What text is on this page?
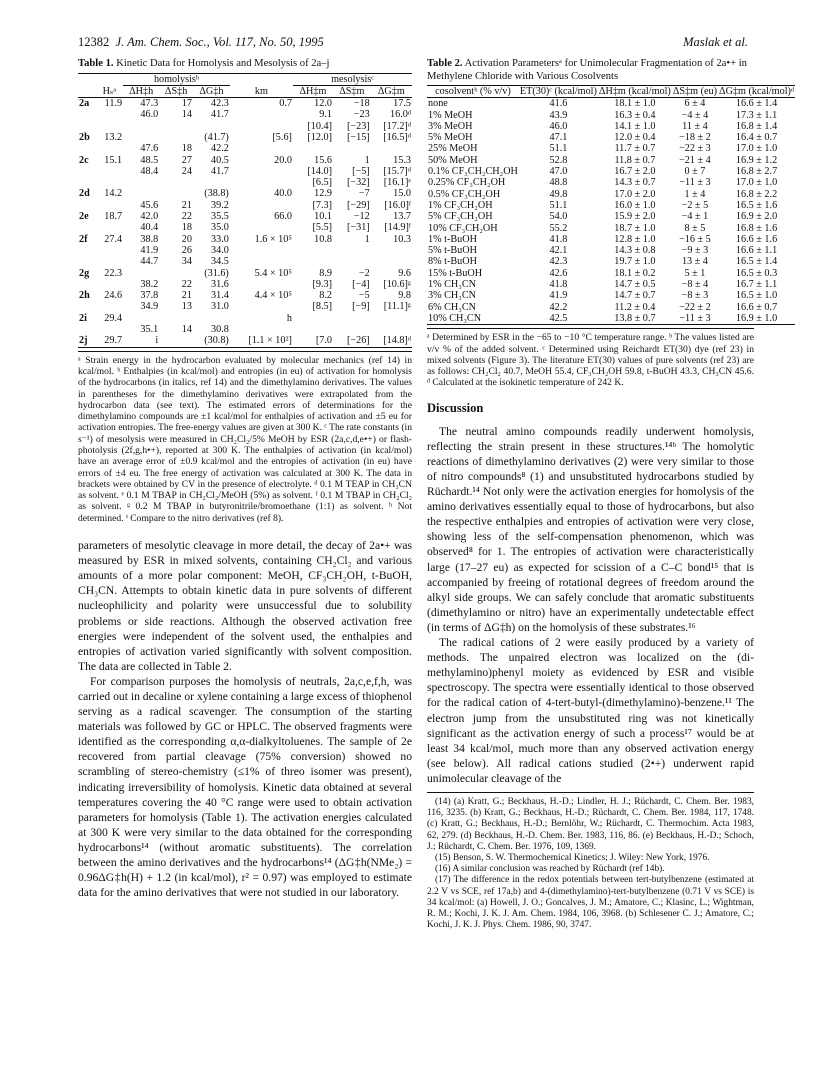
12382 J. Am. Chem. Soc., Vol. 117, No. 50, 1995	Maslak et al.
Table 1. Kinetic Data for Homolysis and Mesolysis of 2a–j
		homolysisᵇ				mesolysisᶜ		
	Hₛᵃ	ΔH‡h	ΔS‡h	ΔG‡h	km	ΔH‡m	ΔS‡m	ΔG‡m
2a	11.9	47.3	17	42.3	0.7	12.0	−18	17.5
		46.0	14	41.7		9.1	−23	16.0ᵈ
						[10.4]	[−23]	[17.2]ᵈ
2b	13.2			(41.7)	[5.6]	[12.0]	[−15]	[16.5]ᵈ
		47.6	18	42.2				
2c	15.1	48.5	27	40.5	20.0	15.6	1	15.3
		48.4	24	41.7		[14.0]	[−5]	[15.7]ᵈ
						[6.5]	[−32]	[16.1]ᵉ
2d	14.2			(38.8)	40.0	12.9	−7	15.0
		45.6	21	39.2		[7.3]	[−29]	[16.0]ᶠ
2e	18.7	42.0	22	35.5	66.0	10.1	−12	13.7
		40.4	18	35.0		[5.5]	[−31]	[14.9]ᶠ
2f	27.4	38.8	20	33.0	1.6 × 10⁵	10.8	1	10.3
		41.9	26	34.0				
		44.7	34	34.5				
2g	22.3			(31.6)	5.4 × 10⁵	8.9	−2	9.6
		38.2	22	31.6		[9.3]	[−4]	[10.6]ᵍ
2h	24.6	37.8	21	31.4	4.4 × 10⁵	8.2	−5	9.8
		34.9	13	31.0		[8.5]	[−9]	[11.1]ᵍ
2i	29.4				h			
		35.1	14	30.8				
2j	29.7	i		(30.8)	[1.1 × 10²]	[7.0	[−26]	[14.8]ᵈ
ᵃ Strain energy in the hydrocarbon evaluated by molecular mechanics (ref 14) in kcal/mol. ᵇ Enthalpies (in kcal/mol) and entropies (in eu) of activation for homolysis of the hydrocarbons (in italics, ref 14) and the dimethylamino derivatives. The values in parentheses for the dimethylamino derivatives were extrapolated from the hydrocarbon data (see text). The estimated errors of determinations for the dimethylamino compounds are ±1 kcal/mol for enthalpies of activation and ±5 eu for activation entropies. The free-energy values are given at 300 K. ᶜ The rate constants (in s⁻¹) of mesolysis were measured in CH₂Cl₂/5% MeOH by ESR (2a,c,d,e•+) or flash-photolysis (2f,g,h•+), reported at 300 K. The enthalpies of activation (in kcal/mol) have an average error of ±0.9 kcal/mol and the entropies of activation (in eu) have errors of ±4 eu. The free energy of activation was calculated at 300 K. The data in brackets were obtained by CV in the presence of electrolyte. ᵈ 0.1 M TEAP in CH₃CN as solvent. ᵉ 0.1 M TBAP in CH₂Cl₂/MeOH (5%) as solvent. ᶠ 0.1 M TBAP in CH₂Cl₂ as solvent. ᵍ 0.2 M TBAP in butyronitrile/bromoethane (1:1) as solvent. ʰ Not determined. ⁱ Compare to the nitro derivatives (ref 8).

parameters of mesolytic cleavage in more detail, the decay of 2a•+ was measured by ESR in mixed solvents, containing CH₂Cl₂ and various amounts of a more polar component: MeOH, CF₃CH₂OH, t-BuOH, CH₃CN. Attempts to obtain kinetic data in pure solvents of different nucleophilicity and polarity were unsuccessful due to solubility problems or side reactions. Although the observed activation free energies were independent of the solvent used, the enthalpies and entropies of activation varied significantly with solvent composition. The data are collected in Table 2.

For comparison purposes the homolysis of neutrals, 2a,c,e,f,h, was carried out in decaline or xylene containing a large excess of thiophenol serving as a radical scavenger. The consumption of the starting materials was followed by GC or HPLC. The observed fragments were identified as the corresponding α,α-dialkyltoluenes. The sample of 2e recovered from partial cleavage (75% conversion) showed no scrambling of stereo-chemistry (≤1% of threo isomer was present), indicating irreversibility of homolysis. Kinetic data obtained at several temperatures covering the 40 °C range were used to obtain activation parameters for homolysis (Table 1). The activation energies calculated at 300 K were very similar to the data obtained for the corresponding hydrocarbons¹⁴ (without aromatic substituents). The correlation between the amino derivatives and the hydrocarbons¹⁴ (ΔG‡h(NMe₂) = 0.96ΔG‡h(H) + 1.2 (in kcal/mol), r² = 0.97) was employed to estimate data for the amino derivatives that were not studied in our laboratory.

Table 2. Activation Parametersᵃ for Unimolecular Fragmentation of 2a•+ in Methylene Chloride with Various Cosolvents
cosolventᵇ (% v/v)	ET(30)ᶜ (kcal/mol)	ΔH‡m (kcal/mol)	ΔS‡m (eu)	ΔG‡m (kcal/mol)ᵈ
none	41.6	18.1 ± 1.0	6 ± 4	16.6 ± 1.4
1% MeOH	43.9	16.3 ± 0.4	−4 ± 4	17.3 ± 1.1
3% MeOH	46.0	14.1 ± 1.0	11 ± 4	16.8 ± 1.4
5% MeOH	47.1	12.0 ± 0.4	−18 ± 2	16.4 ± 0.7
25% MeOH	51.1	11.7 ± 0.7	−22 ± 3	17.0 ± 1.0
50% MeOH	52.8	11.8 ± 0.7	−21 ± 4	16.9 ± 1.2
0.1% CF₃CH₂CH₂OH	47.0	16.7 ± 2.0	0 ± 7	16.8 ± 2.7
0.25% CF₃CH₂OH	48.8	14.3 ± 0.7	−11 ± 3	17.0 ± 1.0
0.5% CF₃CH₂OH	49.8	17.0 ± 2.0	1 ± 4	16.8 ± 2.2
1% CF₃CH₂OH	51.1	16.0 ± 1.0	−2 ± 5	16.5 ± 1.6
5% CF₃CH₂OH	54.0	15.9 ± 2.0	−4 ± 1	16.9 ± 2.0
10% CF₃CH₂OH	55.2	18.7 ± 1.0	8 ± 5	16.8 ± 1.6
1% t-BuOH	41.8	12.8 ± 1.0	−16 ± 5	16.6 ± 1.6
5% t-BuOH	42.1	14.3 ± 0.8	−9 ± 3	16.6 ± 1.1
8% t-BuOH	42.3	19.7 ± 1.0	13 ± 4	16.5 ± 1.4
15% t-BuOH	42.6	18.1 ± 0.2	5 ± 1	16.5 ± 0.3
1% CH₃CN	41.8	14.7 ± 0.5	−8 ± 4	16.7 ± 1.1
3% CH₃CN	41.9	14.7 ± 0.7	−8 ± 3	16.5 ± 1.0
6% CH₃CN	42.2	11.2 ± 0.4	−22 ± 2	16.6 ± 0.7
10% CH₃CN	42.5	13.8 ± 0.7	−11 ± 3	16.9 ± 1.0
ᵃ Determined by ESR in the −65 to −10 °C temperature range. ᵇ The values listed are v/v % of the added solvent. ᶜ Determined using Reichardt ET(30) dye (ref 23) in mixed solvents (Figure 3). The literature ET(30) values of pure solvents (ref 23) are as follows: CH₂Cl₂ 40.7, MeOH 55.4, CF₃CH₂OH 59.8, t-BuOH 43.3, CH₃CN 45.6. ᵈ Calculated at the isokinetic temperature of 242 K.
Discussion

The neutral amino compounds readily underwent homolysis, reflecting the strain present in these structures.¹⁴ᵇ The homolytic reactions of dimethylamino derivatives (2) were very similar to those of nitro compounds⁸ (1) and unsubstituted hydrocarbons studied by Rüchardt.¹⁴ Not only were the activation energies for homolysis of the amino derivatives essentially equal to those of hydrocarbons, but also the respective enthalpies and entropies of activation were very close, showing less of the self-compensation phenomenon, which was observed⁸ for 1. The entropies of activation were characteristically large (17–27 eu) as expected for scission of a C–C bond¹⁵ that is accompanied by freeing of rotational degrees of freedom around the alkyl side groups. We can safely conclude that aromatic substituents (dimethylamino or nitro) have an experimentally undetectable effect (in terms of ΔG‡h) on the homolysis of these substrates.¹⁶

The radical cations of 2 were easily produced by a variety of methods. The unpaired electron was localized on the (di-methylamino)phenyl moiety as evidenced by ESR and visible spectroscopy. The spectra were essentially identical to those observed for the radical cation of 4-tert-butyl-(dimethylamino)-benzene.¹¹ The electron jump from the unsubstituted ring was not kinetically significant as the activation energy of such a process¹⁷ would be at least 34 kcal/mol, much more than any observed activation energy (see below). All radical cations studied (2•+) underwent rapid unimolecular cleavage of the

(14) (a) Kratt, G.; Beckhaus, H.-D.; Lindler, H. J.; Rüchardt, C. Chem. Ber. 1983, 116, 3235. (b) Kratt, G.; Beckhaus, H.-D.; Rüchardt, C. Chem. Ber. 1984, 117, 1748. (c) Kratt, G.; Beckhaus, H.-D.; Bernlöhr, W.; Rüchardt, C. Thermochim. Acta 1983, 62, 279. (d) Beckhaus, H.-D. Chem. Ber. 1983, 116, 86. (e) Beckhaus, H.-D.; Schoch, J.; Rüchardt, C. Chem. Ber. 1976, 109, 1369.

(15) Benson, S. W. Thermochemical Kinetics; J. Wiley: New York, 1976.

(16) A similar conclusion was reached by Rüchardt (ref 14b).

(17) The difference in the redox potentials between tert-butylbenzene (estimated at 2.2 V vs SCE, ref 17a,b) and 4-(dimethylamino)-tert-butylbenzene (0.71 V vs SCE) is 34 kcal/mol: (a) Howell, J. O.; Goncalves, J. M.; Amatore, C.; Klasinc, L.; Wightman, R. M.; Kochi, J. K. J. Am. Chem. 1984, 106, 3968. (b) Schlesener C. J.; Amatore, C.; Kochi, J. K. J. Phys. Chem. 1986, 90, 3747.
